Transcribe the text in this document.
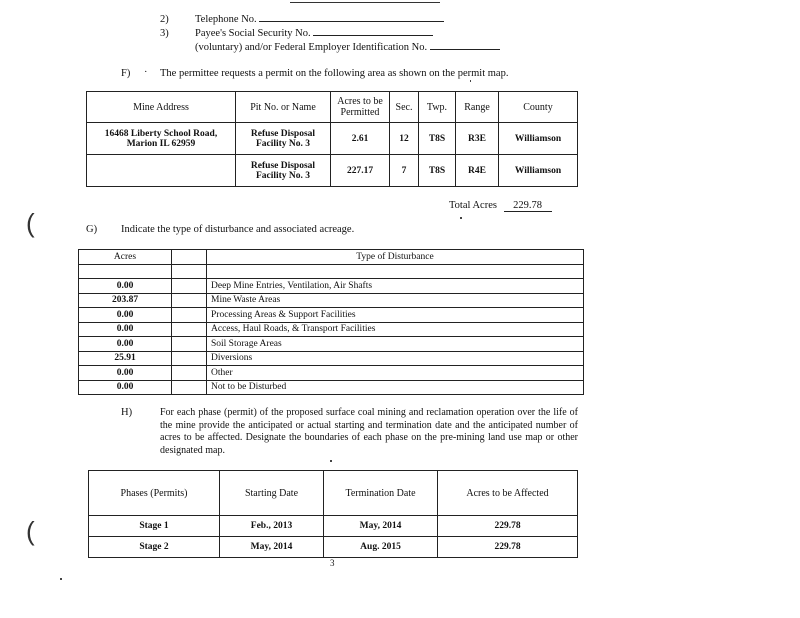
2)	Telephone No.
3)	Payee's Social Security No.
(voluntary) and/or Federal Employer Identification No.
F) · The permittee requests a permit on the following area as shown on the permit map.
Mine Address	Pit No. or Name	Acres to be Permitted	Sec.	Twp.	Range	County
16468 Liberty School Road, Marion IL 62959	Refuse Disposal Facility No. 3	2.61	12	T8S	R3E	Williamson
	Refuse Disposal Facility No. 3	227.17	7	T8S	R4E	Williamson
Total Acres 229.78
(
(
G) Indicate the type of disturbance and associated acreage.
Acres		Type of Disturbance

0.00		Deep Mine Entries, Ventilation, Air Shafts
203.87		Mine Waste Areas
0.00		Processing Areas & Support Facilities
0.00		Access, Haul Roads, & Transport Facilities
0.00		Soil Storage Areas
25.91		Diversions
0.00		Other
0.00		Not to be Disturbed
H)	For each phase (permit) of the proposed surface coal mining and reclamation operation over the life of the mine provide the anticipated or actual starting and termination date and the anticipated number of acres to be affected. Designate the boundaries of each phase on the pre-mining land use map or other designated map.
Phases (Permits)	Starting Date	Termination Date	Acres to be Affected
Stage 1	Feb., 2013	May, 2014	229.78
Stage 2	May, 2014	Aug. 2015	229.78
3
